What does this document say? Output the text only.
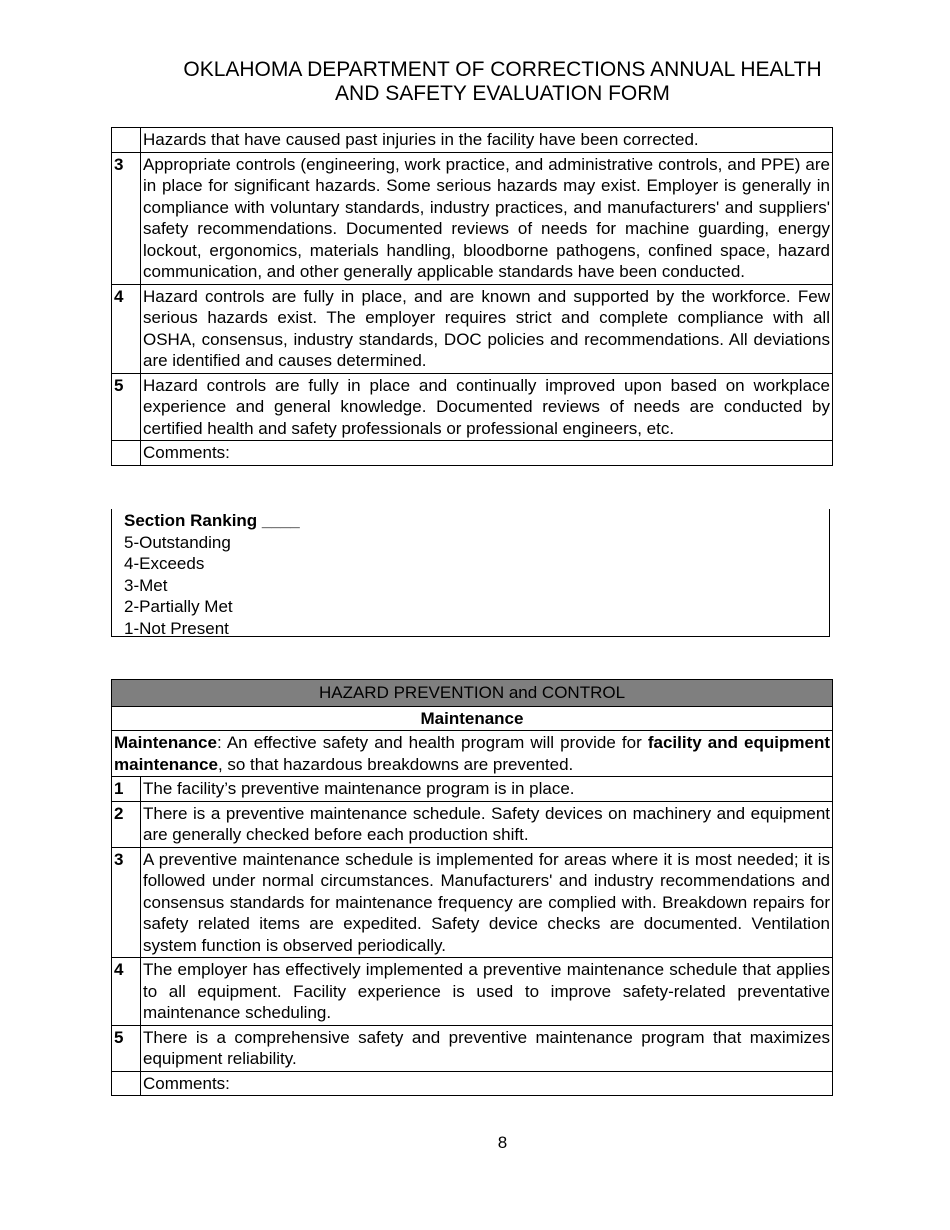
OKLAHOMA DEPARTMENT OF CORRECTIONS ANNUAL HEALTH
AND SAFETY EVALUATION FORM
	Hazards that have caused past injuries in the facility have been corrected.
3	Appropriate controls (engineering, work practice, and administrative controls, and PPE) are in place for significant hazards. Some serious hazards may exist. Employer is generally in compliance with voluntary standards, industry practices, and manufacturers' and suppliers' safety recommendations. Documented reviews of needs for machine guarding, energy lockout, ergonomics, materials handling, bloodborne pathogens, confined space, hazard communication, and other generally applicable standards have been conducted.
4	Hazard controls are fully in place, and are known and supported by the workforce. Few serious hazards exist. The employer requires strict and complete compliance with all OSHA, consensus, industry standards, DOC policies and recommendations. All deviations are identified and causes determined.
5	Hazard controls are fully in place and continually improved upon based on workplace experience and general knowledge. Documented reviews of needs are conducted by certified health and safety professionals or professional engineers, etc.
	Comments:
Section Ranking ____
5-Outstanding
4-Exceeds
3-Met
2-Partially Met
1-Not Present
HAZARD PREVENTION and CONTROL	
Maintenance	
Maintenance: An effective safety and health program will provide for facility and equipment maintenance, so that hazardous breakdowns are prevented.	
1	The facility’s preventive maintenance program is in place.
2	There is a preventive maintenance schedule. Safety devices on machinery and equipment are generally checked before each production shift.
3	A preventive maintenance schedule is implemented for areas where it is most needed; it is followed under normal circumstances. Manufacturers' and industry recommendations and consensus standards for maintenance frequency are complied with. Breakdown repairs for safety related items are expedited. Safety device checks are documented. Ventilation system function is observed periodically.
4	The employer has effectively implemented a preventive maintenance schedule that applies to all equipment. Facility experience is used to improve safety-related preventative maintenance scheduling.
5	There is a comprehensive safety and preventive maintenance program that maximizes equipment reliability.
	Comments:
8
